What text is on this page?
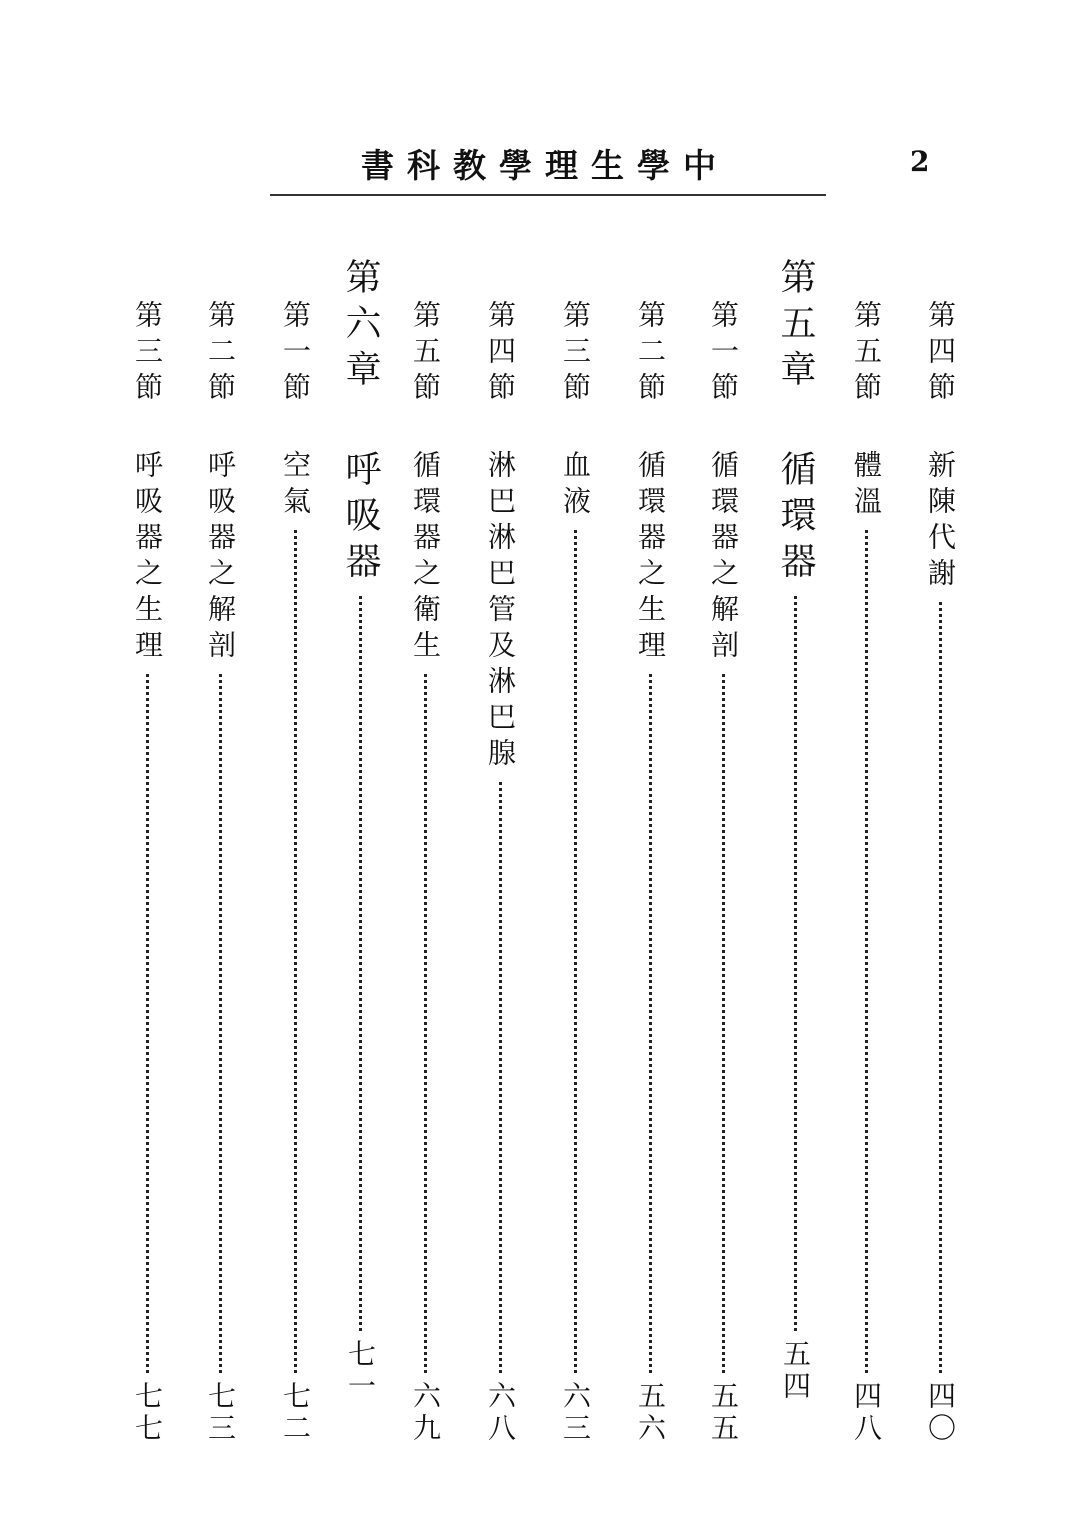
中學生理學教科書	2
第四節
新陳代謝
四〇
第五節
體溫
四八
第五章
循環器
五四
第一節
循環器之解剖
五五
第二節
循環器之生理
五六
第三節
血液
六三
第四節
淋巴淋巴管及淋巴腺
六八
第五節
循環器之衛生
六九
第六章
呼吸器
七一
第一節
空氣
七二
第二節
呼吸器之解剖
七三
第三節
呼吸器之生理
七七
